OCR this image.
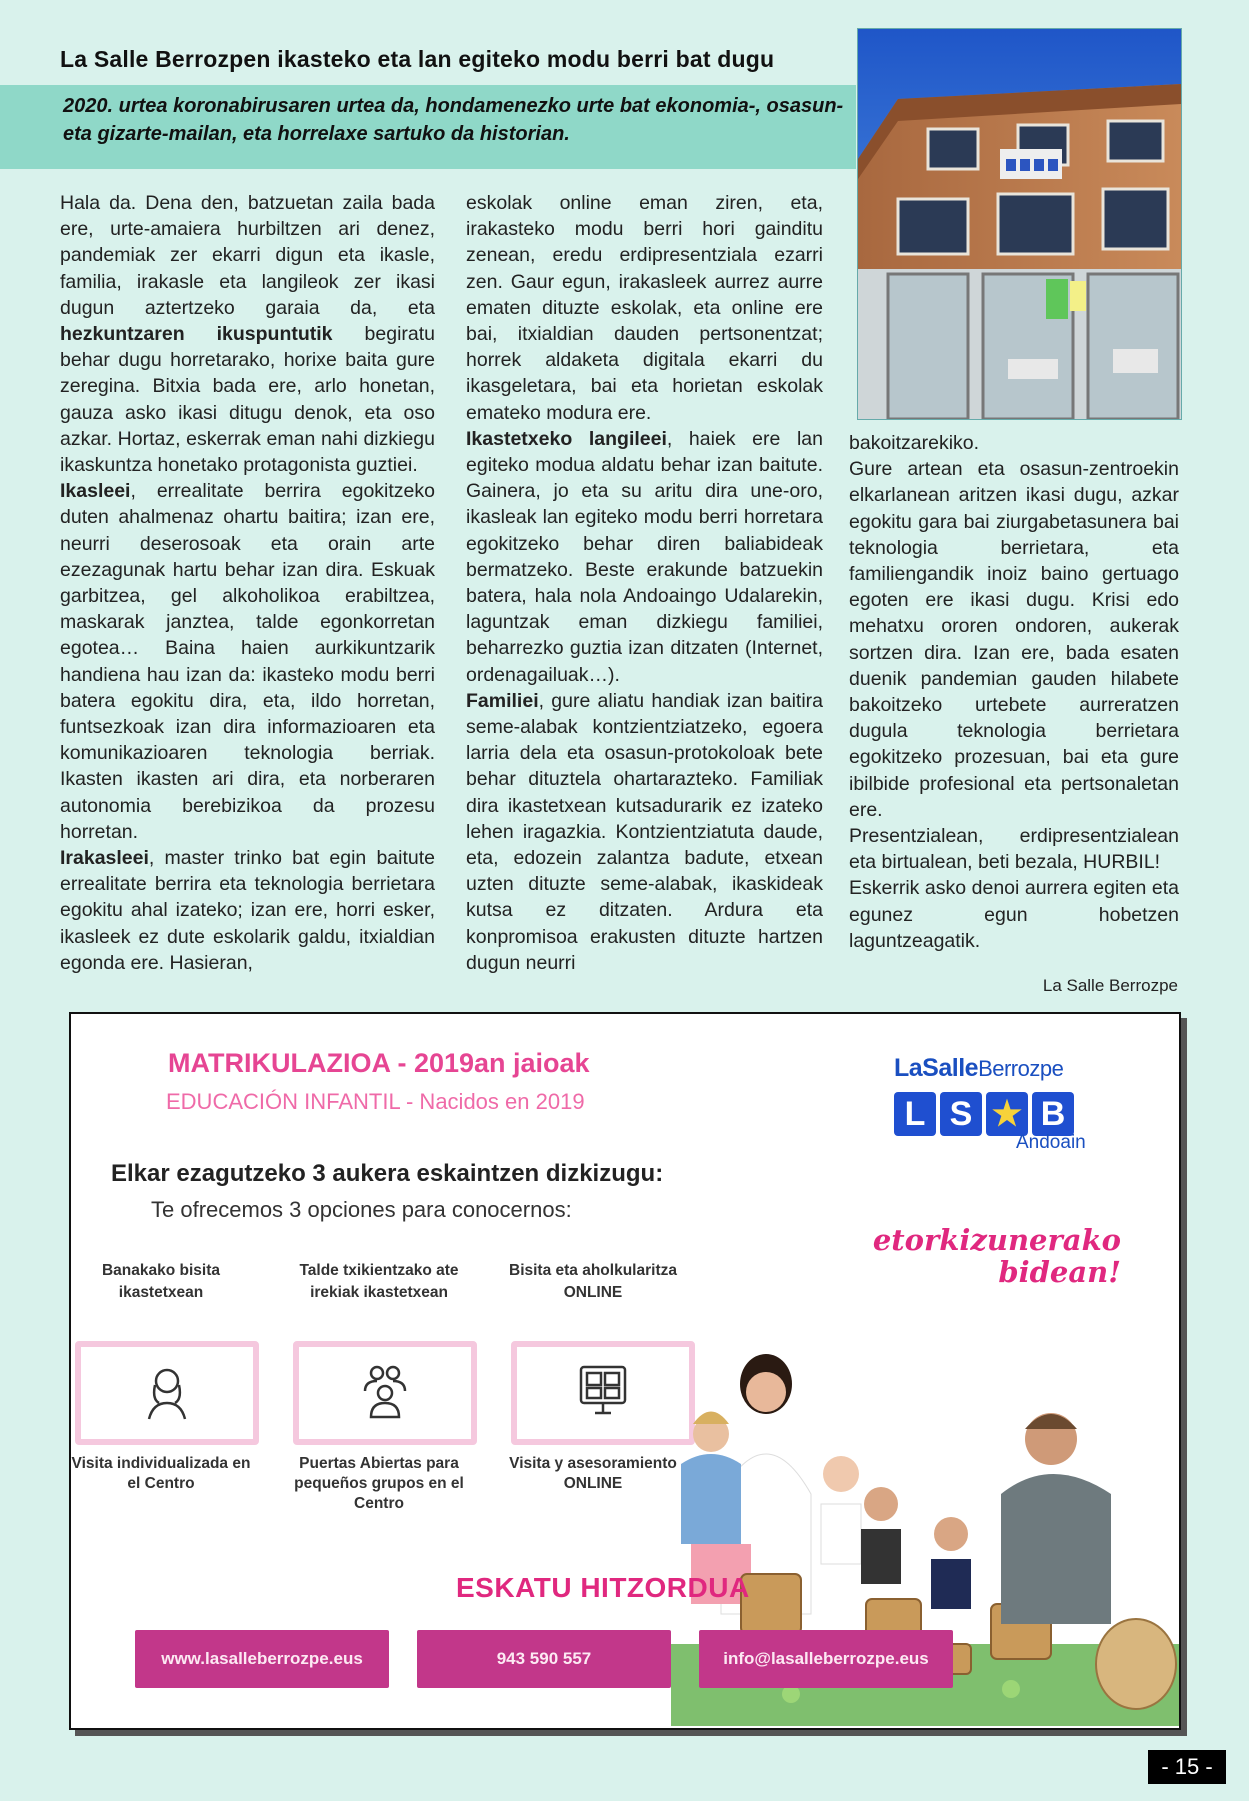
La Salle Berrozpen ikasteko eta lan egiteko modu berri bat dugu
2020. urtea koronabirusaren urtea da, hondamenezko urte bat ekonomia-, osasun- eta gizarte-mailan, eta horrelaxe sartuko da historian.

Hala da. Dena den, batzuetan zaila bada ere, urte-amaiera hurbiltzen ari denez, pandemiak zer ekarri digun eta ikasle, familia, irakasle eta langileok zer ikasi dugun aztertzeko garaia da, eta hezkuntzaren ikuspuntutik begiratu behar dugu horretarako, horixe baita gure zeregina. Bitxia bada ere, arlo honetan, gauza asko ikasi ditugu denok, eta oso azkar. Hortaz, eskerrak eman nahi dizkiegu ikaskuntza honetako protagonista guztiei.

Ikasleei, errealitate berrira egokitzeko duten ahalmenaz ohartu baitira; izan ere, neurri deserosoak eta orain arte ezezagunak hartu behar izan dira. Eskuak garbitzea, gel alkoholikoa erabiltzea, maskarak janztea, talde egonkorretan egotea… Baina haien aurkikuntzarik handiena hau izan da: ikasteko modu berri batera egokitu dira, eta, ildo horretan, funtsezkoak izan dira informazioaren eta komunikazioaren teknologia berriak. Ikasten ikasten ari dira, eta norberaren autonomia berebizikoa da prozesu horretan.

Irakasleei, master trinko bat egin baitute errealitate berrira eta teknologia berrietara egokitu ahal izateko; izan ere, horri esker, ikasleek ez dute eskolarik galdu, itxialdian egonda ere. Hasieran,

eskolak online eman ziren, eta, irakasteko modu berri hori gainditu zenean, eredu erdipresentziala ezarri zen. Gaur egun, irakasleek aurrez aurre ematen dituzte eskolak, eta online ere bai, itxialdian dauden pertsonentzat; horrek aldaketa digitala ekarri du ikasgeletara, bai eta horietan eskolak emateko modura ere.

Ikastetxeko langileei, haiek ere lan egiteko modua aldatu behar izan baitute. Gainera, jo eta su aritu dira une-oro, ikasleak lan egiteko modu berri horretara egokitzeko behar diren baliabideak bermatzeko. Beste erakunde batzuekin batera, hala nola Andoaingo Udalarekin, laguntzak eman dizkiegu familiei, beharrezko guztia izan ditzaten (Internet, ordenagailuak…).

Familiei, gure aliatu handiak izan baitira seme-alabak kontzientziatzeko, egoera larria dela eta osasun-protokoloak bete behar dituztela ohartarazteko. Familiak dira ikastetxean kutsadurarik ez izateko lehen iragazkia. Kontzientziatuta daude, eta, edozein zalantza badute, etxean uzten dituzte seme-alabak, ikaskideak kutsa ez ditzaten. Ardura eta konpromisoa erakusten dituzte hartzen dugun neurri

bakoitzarekiko.

Gure artean eta osasun-zentroekin elkarlanean aritzen ikasi dugu, azkar egokitu gara bai ziurgabetasunera bai teknologia berrietara, eta familiengandik inoiz baino gertuago egoten ere ikasi dugu. Krisi edo mehatxu ororen ondoren, aukerak sortzen dira. Izan ere, bada esaten duenik pandemian gauden hilabete bakoitzeko urtebete aurreratzen dugula teknologia berrietara egokitzeko prozesuan, bai eta gure ibilbide profesional eta pertsonaletan ere.

Presentzialean, erdipresentzialean eta birtualean, beti bezala, HURBIL!

Eskerrik asko denoi aurrera egiten eta egunez egun hobetzen laguntzeagatik.

La Salle Berrozpe
MATRIKULAZIOA - 2019an jaioak
EDUCACIÓN INFANTIL - Nacidos en 2019
Elkar ezagutzeko 3 aukera eskaintzen dizkizugu:
Te ofrecemos 3 opciones para conocernos:
LaSalleBerrozpe
L S ★ B
Andoain
etorkizunerako
bidean!
Banakako bisita ikastetxean
Visita individualizada en el Centro
Talde txikientzako ate irekiak ikastetxean
Puertas Abiertas para pequeños grupos en el Centro
Bisita eta aholkularitza ONLINE
Visita y asesoramiento ONLINE
ESKATU HITZORDUA
www.lasalleberrozpe.eus	943 590 557	info@lasalleberrozpe.eus
- 15 -
